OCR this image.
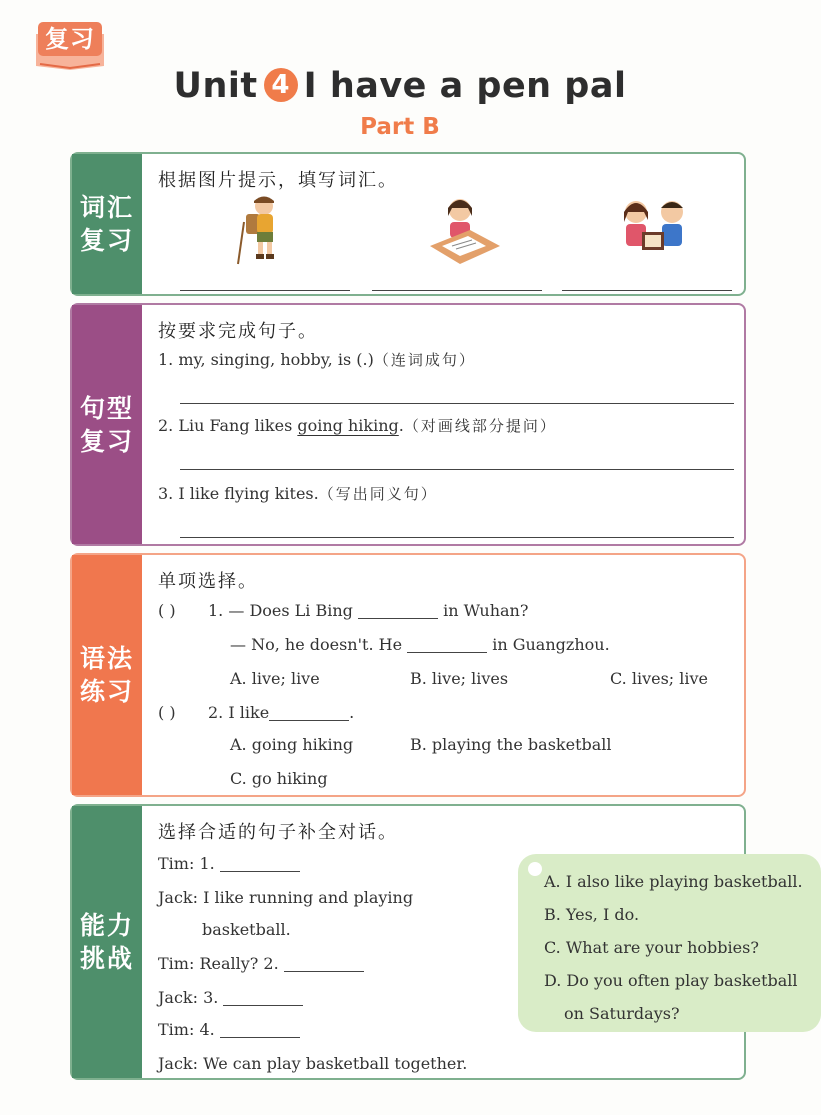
复习
Unit 4 I have a pen pal
Part B
词汇复习
根据图片提示，填写词汇。
句型复习
按要求完成句子。
1. my, singing, hobby, is (.)（连词成句）
2. Liu Fang likes going hiking.（对画线部分提问）
3. I like flying kites.（写出同义句）
语法练习
单项选择。
( ) 1. — Does Li Bing	in Wuhan?
— No, he doesn't. He	in Guangzhou.
A. live; live	B. live; lives	C. lives; live
( ) 2. I like	.
A. going hiking	B. playing the basketball
C. go hiking
能力挑战
选择合适的句子补全对话。
Tim: 1.
Jack: I like running and playing
basketball.
Tim: Really? 2.
Jack: 3.
Tim: 4.
Jack: We can play basketball together.
A. I also like playing basketball.
B. Yes, I do.
C. What are your hobbies?
D. Do you often play basketball
on Saturdays?
